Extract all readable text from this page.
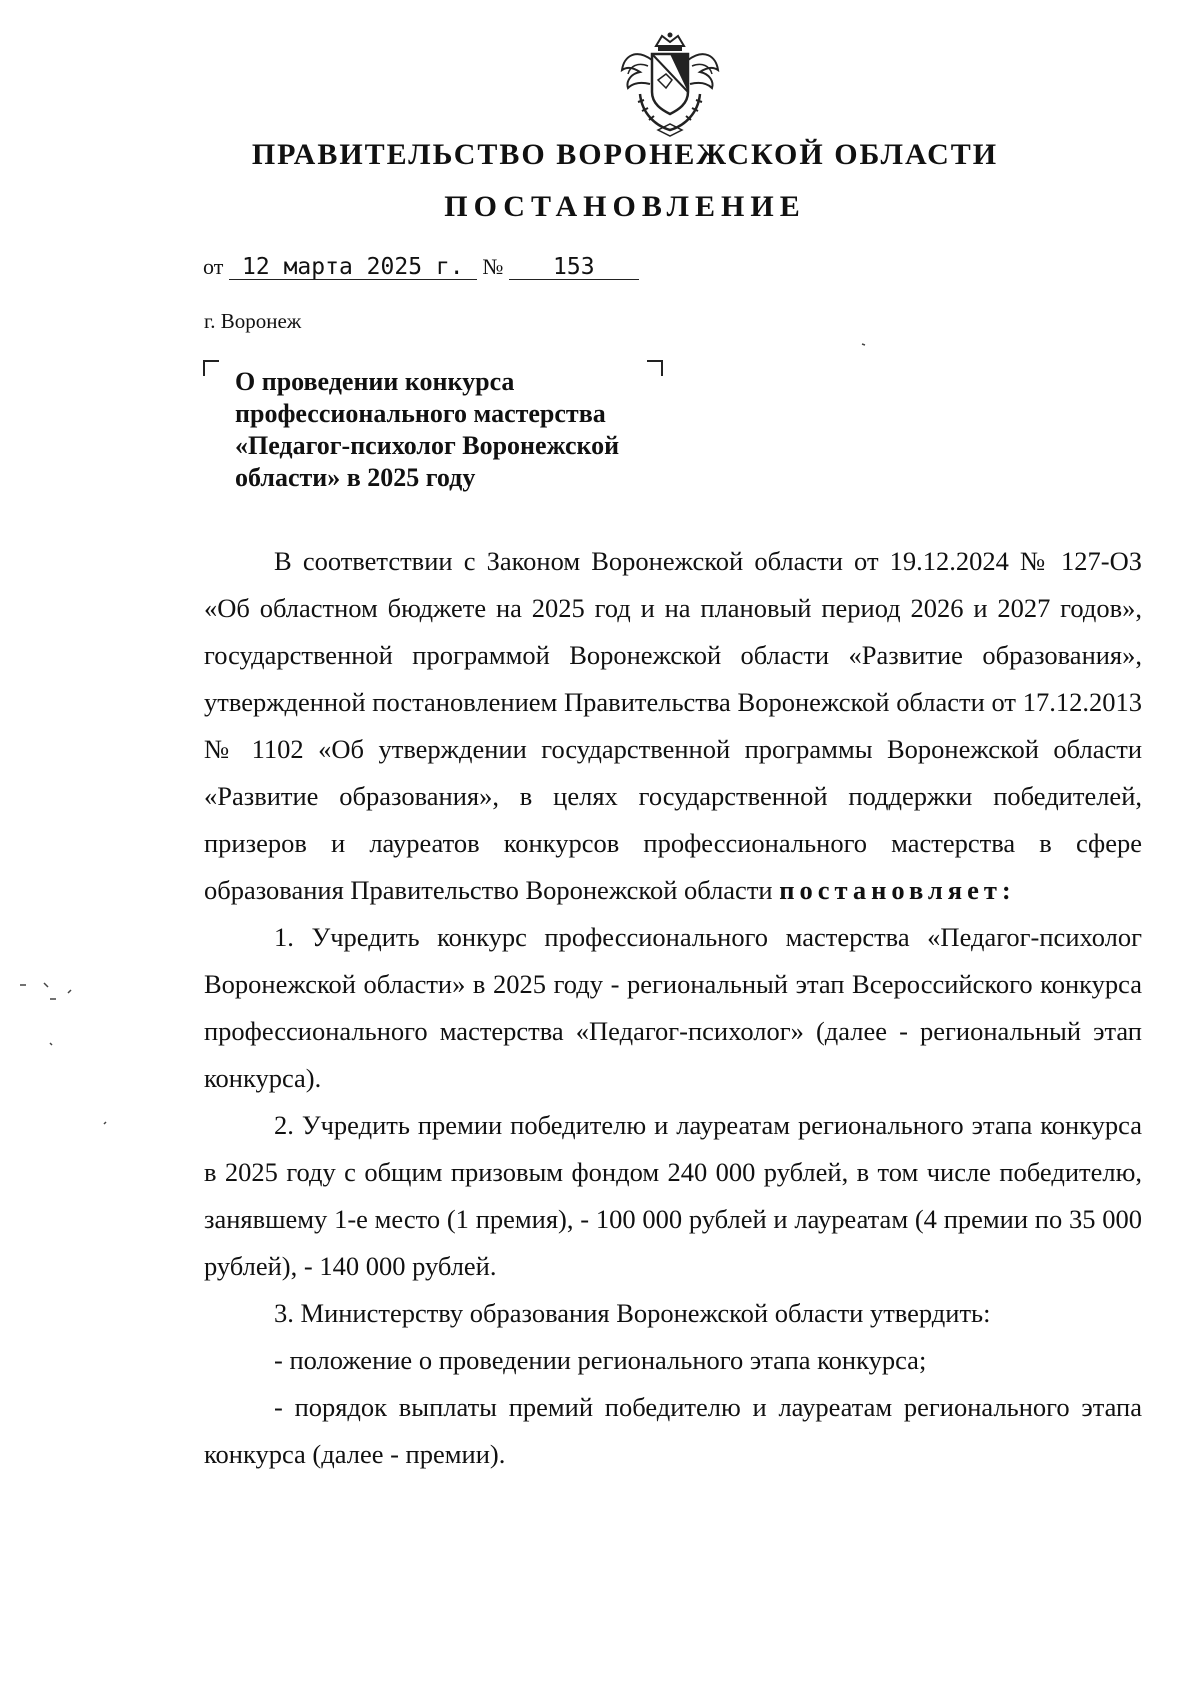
ПРАВИТЕЛЬСТВО ВОРОНЕЖСКОЙ ОБЛАСТИ
ПОСТАНОВЛЕНИЕ
от 12 марта 2025 г. № 153
г. Воронеж
О проведении конкурса
профессионального мастерства
«Педагог-психолог Воронежской
области» в 2025 году

В соответствии с Законом Воронежской области от 19.12.2024 № 127-ОЗ «Об областном бюджете на 2025 год и на плановый период 2026 и 2027 годов», государственной программой Воронежской области «Развитие образования», утвержденной постановлением Правительства Воронежской области от 17.12.2013 № 1102 «Об утверждении государственной программы Воронежской области «Развитие образования», в целях государственной поддержки победителей, призеров и лауреатов конкурсов профессионального мастерства в сфере образования Правительство Воронежской области постановляет:

1. Учредить конкурс профессионального мастерства «Педагог-психолог Воронежской области» в 2025 году - региональный этап Всероссийского конкурса профессионального мастерства «Педагог-психолог» (далее - региональный этап конкурса).

2. Учредить премии победителю и лауреатам регионального этапа конкурса в 2025 году с общим призовым фондом 240 000 рублей, в том числе победителю, занявшему 1-е место (1 премия), - 100 000 рублей и лауреатам (4 премии по 35 000 рублей), - 140 000 рублей.

3. Министерству образования Воронежской области утвердить:

- положение о проведении регионального этапа конкурса;

- порядок выплаты премий победителю и лауреатам регионального этапа конкурса (далее - премии).
